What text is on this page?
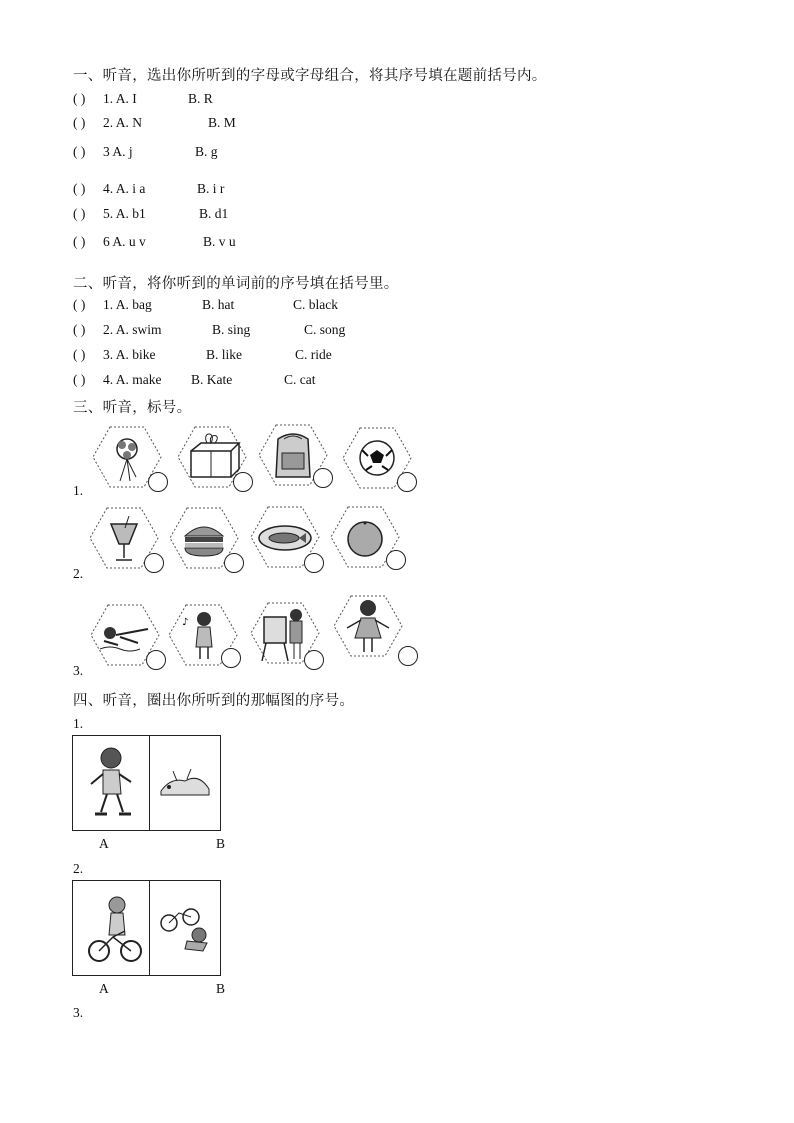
一、听音，选出你所听到的字母或字母组合，将其序号填在题前括号内。
( ) 1. A. I	B. R
( ) 2. A. N	B. M
( ) 3 A. j	B. g
( ) 4. A. i a	B. i r
( ) 5. A. b1	B. d1
( ) 6 A. u v	B. v u
二、听音，将你听到的单词前的序号填在括号里。
( ) 1. A. bag	B. hat	C. black
( ) 2. A. swim	B. sing	C. song
( ) 3. A. bike	B. like	C. ride
( ) 4. A. make B. Kate	C. cat
三、听音，标号。
1.
2.
3.
♪
四、听音，圈出你所听到的那幅图的序号。
1.
A	B
2.
A	B
3.
